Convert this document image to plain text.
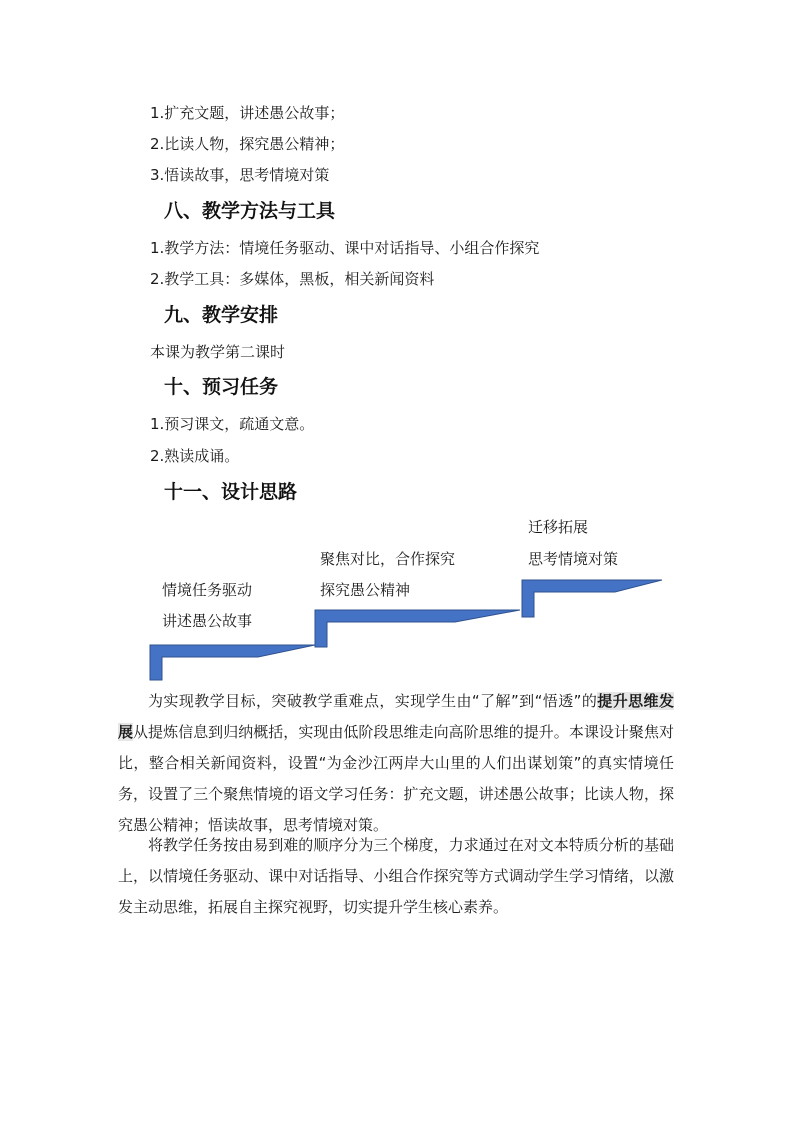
1.扩充文题，讲述愚公故事；
2.比读人物，探究愚公精神；
3.悟读故事，思考情境对策
八、教学方法与工具
1.教学方法：情境任务驱动、课中对话指导、小组合作探究
2.教学工具：多媒体，黑板，相关新闻资料
九、教学安排
本课为教学第二课时
十、预习任务
1.预习课文，疏通文意。
2.熟读成诵。
十一、设计思路
迁移拓展
思考情境对策
聚焦对比，合作探究
探究愚公精神
情境任务驱动
讲述愚公故事

为实现教学目标，突破教学重难点，实现学生由“了解”到“悟透”的提升思维发展从提炼信息到归纳概括，实现由低阶段思维走向高阶思维的提升。本课设计聚焦对比，整合相关新闻资料，设置“为金沙江两岸大山里的人们出谋划策”的真实情境任务，设置了三个聚焦情境的语文学习任务：扩充文题，讲述愚公故事；比读人物，探究愚公精神；悟读故事，思考情境对策。

将教学任务按由易到难的顺序分为三个梯度，力求通过在对文本特质分析的基础上，以情境任务驱动、课中对话指导、小组合作探究等方式调动学生学习情绪，以激发主动思维，拓展自主探究视野，切实提升学生核心素养。
